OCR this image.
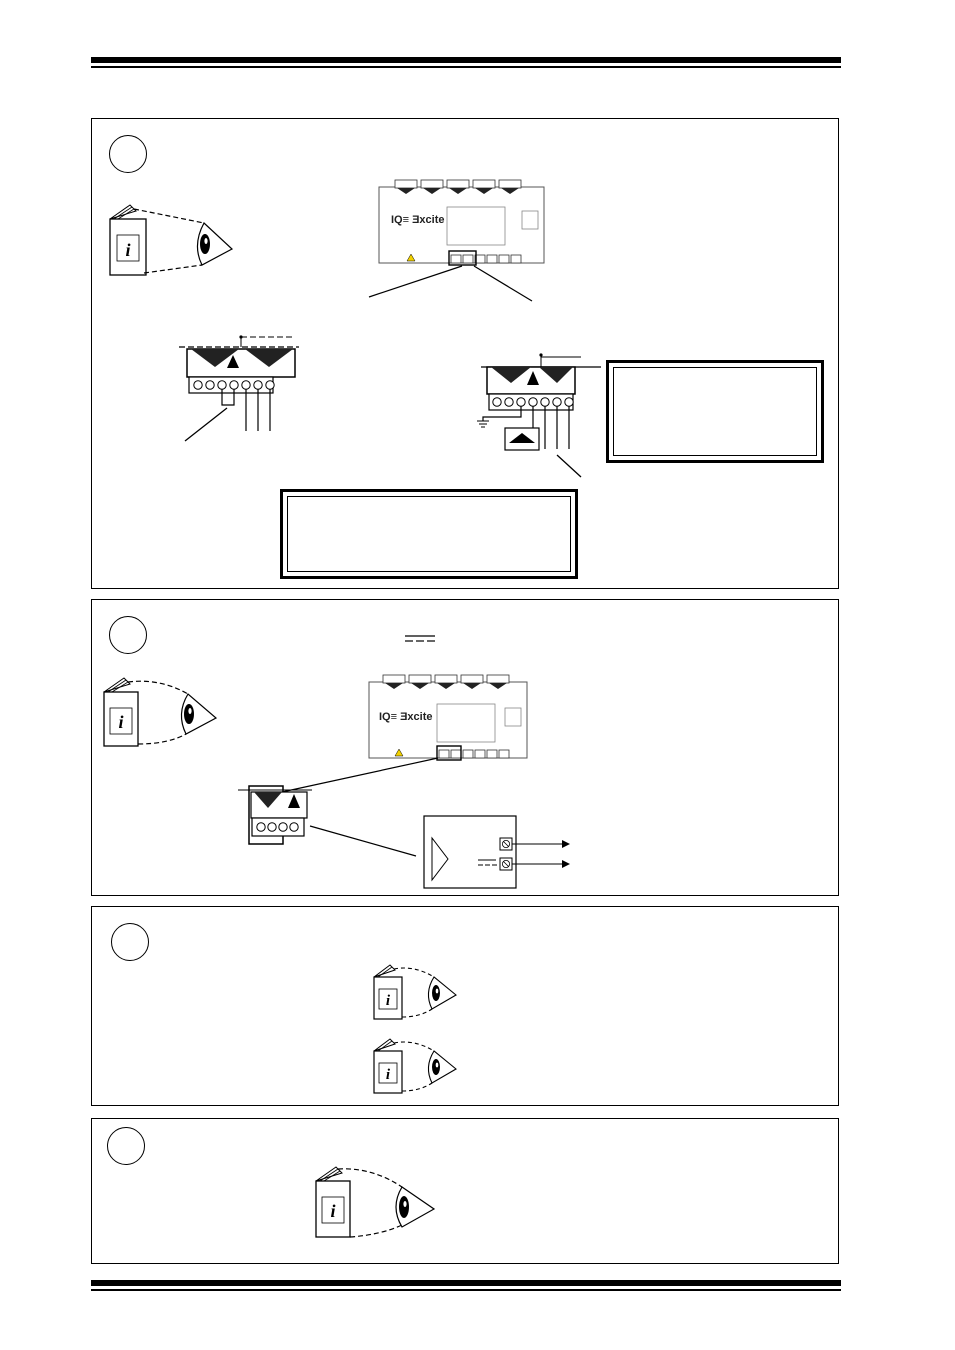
i
IQ≡ Ǝxcite
i	IQ≡ Ǝxcite
i
i
i
